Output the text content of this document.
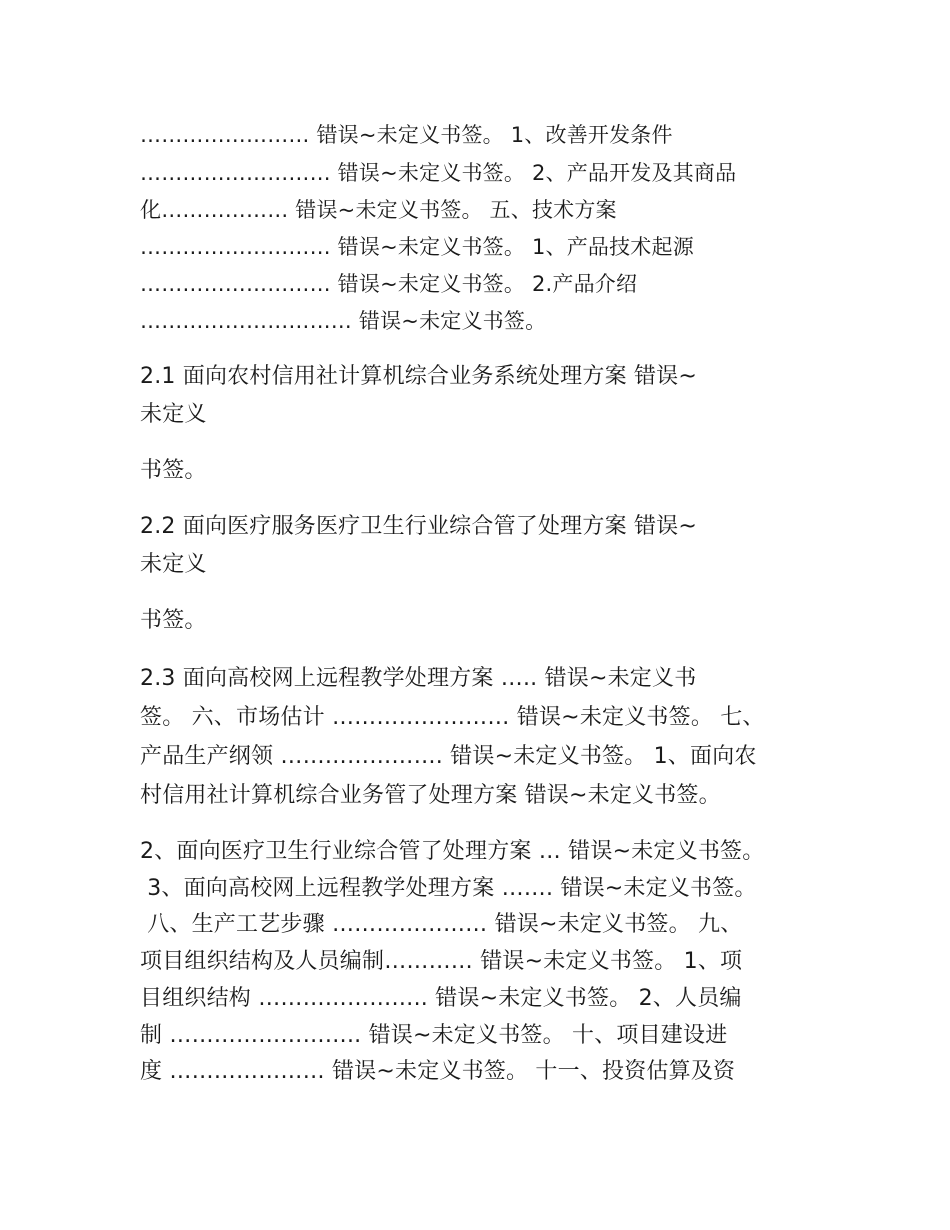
…………………… 错误~未定义书签。 1、改善开发条件
……………………… 错误~未定义书签。 2、产品开发及其商品
化……………… 错误~未定义书签。 五、技术方案
……………………… 错误~未定义书签。 1、产品技术起源
……………………… 错误~未定义书签。 2.产品介绍
………………………… 错误~未定义书签。
2.1 面向农村信用社计算机综合业务系统处理方案 错误~
未定义
书签。
2.2 面向医疗服务医疗卫生行业综合管了处理方案 错误~
未定义
书签。
2.3 面向高校网上远程教学处理方案 ….. 错误~未定义书
签。 六、市场估计 …………………… 错误~未定义书签。 七、
产品生产纲领 …………………. 错误~未定义书签。 1、面向农
村信用社计算机综合业务管了处理方案 错误~未定义书签。
2、面向医疗卫生行业综合管了处理方案 … 错误~未定义书签。
3、面向高校网上远程教学处理方案 ……. 错误~未定义书签。
八、生产工艺步骤 ………………… 错误~未定义书签。 九、
项目组织结构及人员编制………… 错误~未定义书签。 1、项
目组织结构 ………………….. 错误~未定义书签。 2、人员编
制 …………………….. 错误~未定义书签。 十、项目建设进
度 ………………… 错误~未定义书签。 十一、投资估算及资
